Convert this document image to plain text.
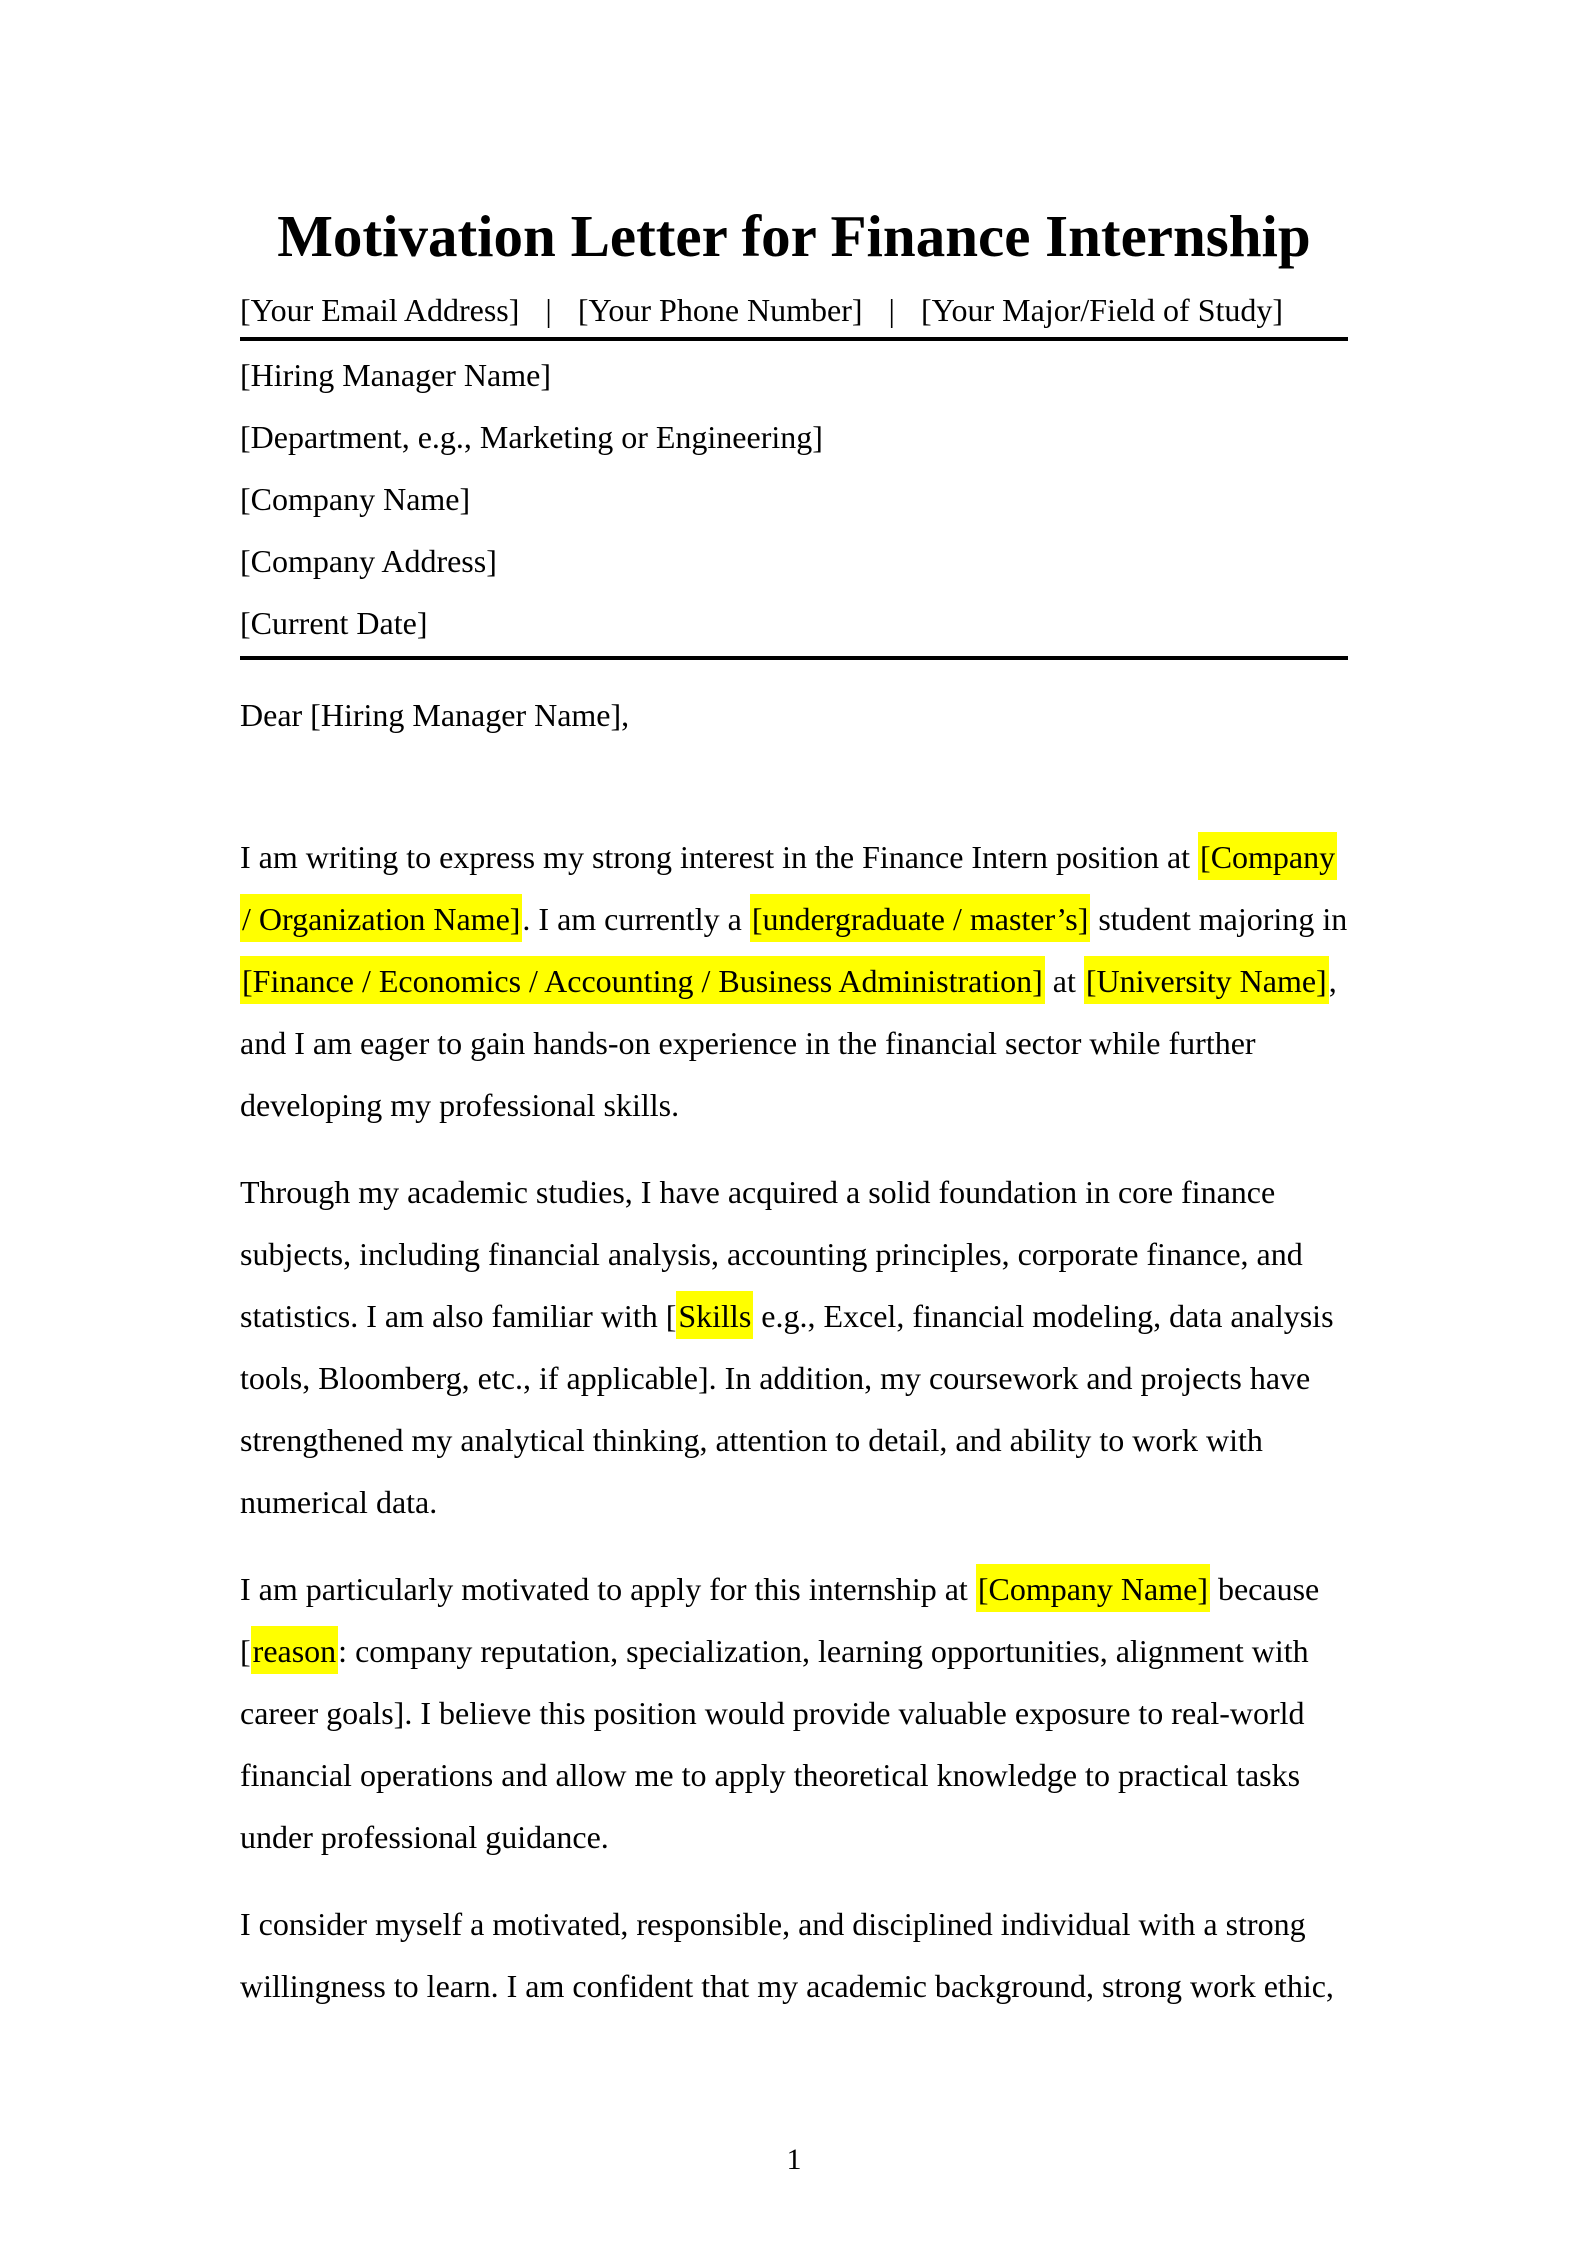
Motivation Letter for Finance Internship
[Your Email Address] | [Your Phone Number] | [Your Major/Field of Study]
[Hiring Manager Name]
[Department, e.g., Marketing or Engineering]
[Company Name]
[Company Address]
[Current Date]
Dear [Hiring Manager Name],
I am writing to express my strong interest in the Finance Intern position at [Company
/ Organization Name]. I am currently a [undergraduate / master’s] student majoring in
[Finance / Economics / Accounting / Business Administration] at [University Name],
and I am eager to gain hands-on experience in the financial sector while further
developing my professional skills.
Through my academic studies, I have acquired a solid foundation in core finance
subjects, including financial analysis, accounting principles, corporate finance, and
statistics. I am also familiar with [Skills e.g., Excel, financial modeling, data analysis
tools, Bloomberg, etc., if applicable]. In addition, my coursework and projects have
strengthened my analytical thinking, attention to detail, and ability to work with
numerical data.
I am particularly motivated to apply for this internship at [Company Name] because
[reason: company reputation, specialization, learning opportunities, alignment with
career goals]. I believe this position would provide valuable exposure to real-world
financial operations and allow me to apply theoretical knowledge to practical tasks
under professional guidance.
I consider myself a motivated, responsible, and disciplined individual with a strong
willingness to learn. I am confident that my academic background, strong work ethic,
1
